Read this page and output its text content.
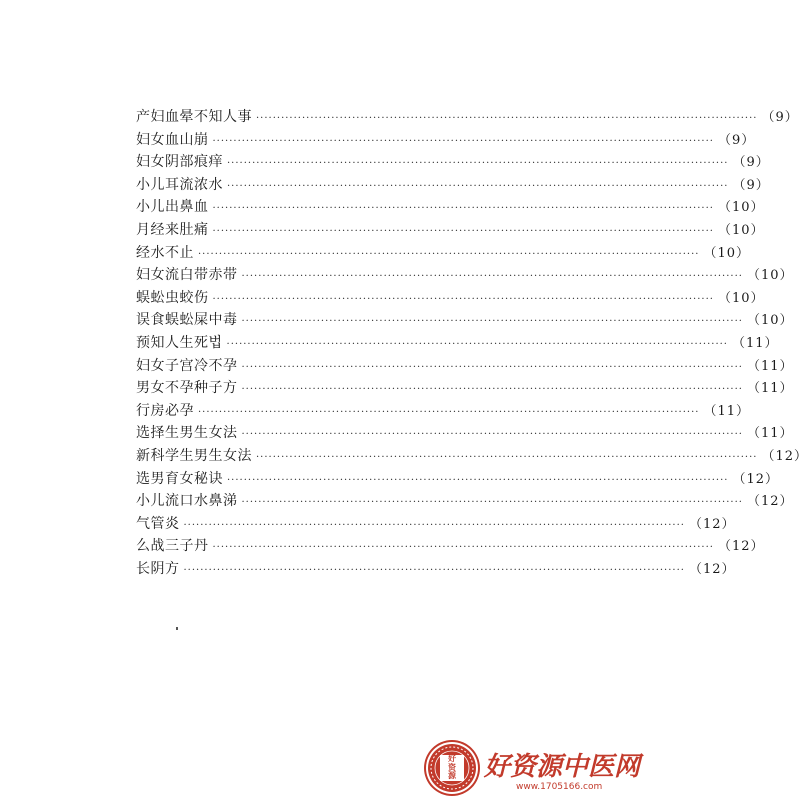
产妇血晕不知人事 ························································································································ （9）
妇女血山崩 ························································································································ （9）
妇女阴部痕痒 ························································································································ （9）
小儿耳流浓水 ························································································································ （9）
小儿出鼻血 ························································································································ （10）
月经来肚痛 ························································································································ （10）
经水不止 ························································································································ （10）
妇女流白带赤带 ························································································································ （10）
蜈蚣虫蛟伤 ························································································································ （10）
误食蜈蚣屎中毒 ························································································································ （10）
预知人生死법 ························································································································ （11）
妇女子宫冷不孕 ························································································································ （11）
男女不孕种子方 ························································································································ （11）
行房必孕 ························································································································ （11）
选择生男生女法 ························································································································ （11）
新科学生男生女法 ························································································································ （12）
选男育女秘诀 ························································································································ （12）
小儿流口水鼻涕 ························································································································ （12）
气管炎 ························································································································ （12）
么战三子丹 ························································································································ （12）
长阴方 ························································································································ （12）
好
资
源	好资源中医网
www.1705166.com
